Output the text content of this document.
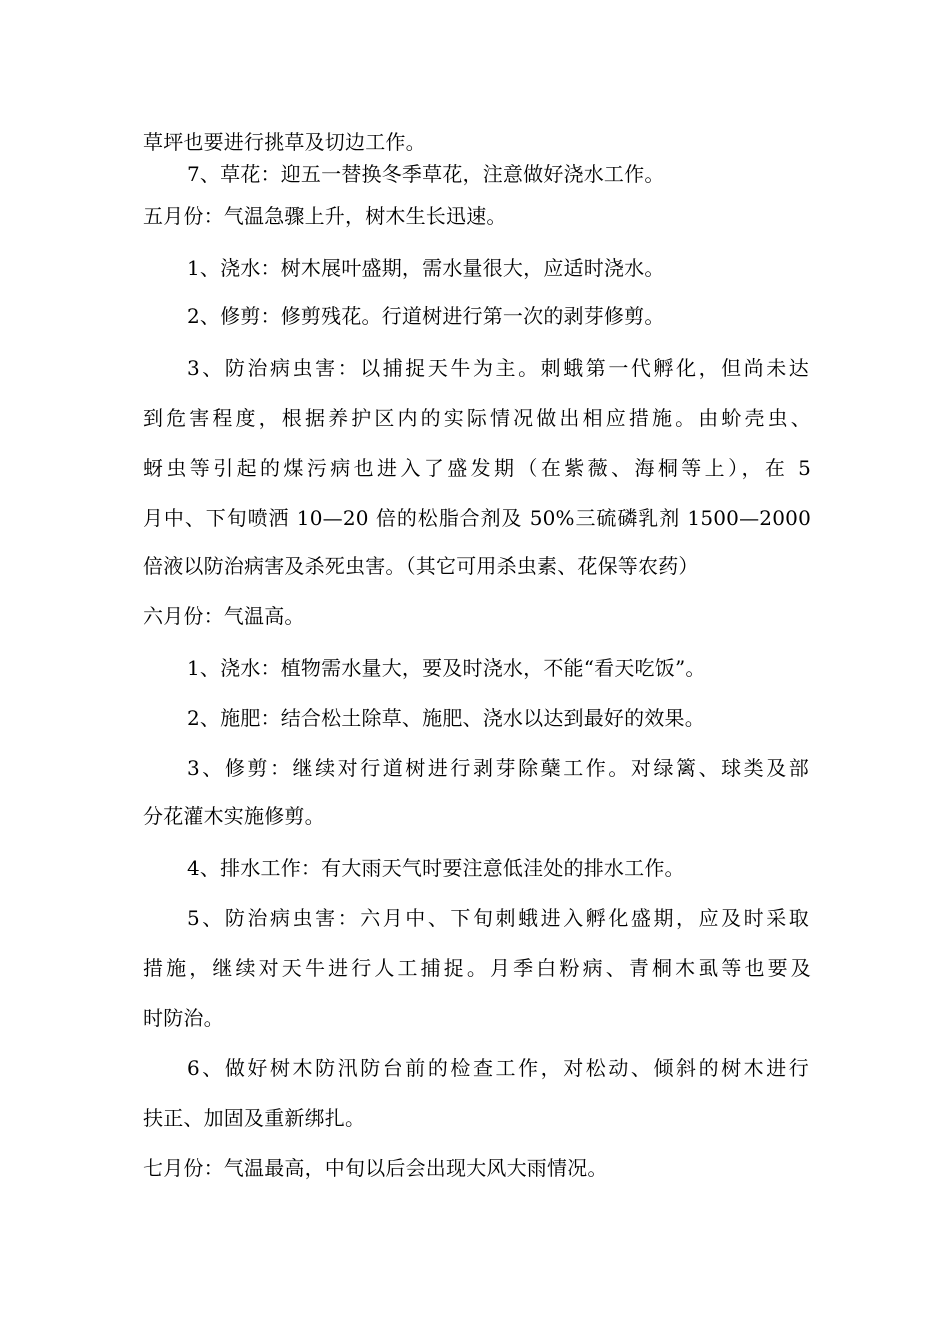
草坪也要进行挑草及切边工作。
7、草花：迎五一替换冬季草花，注意做好浇水工作。
五月份：气温急骤上升，树木生长迅速。
1、浇水：树木展叶盛期，需水量很大，应适时浇水。
2、修剪：修剪残花。行道树进行第一次的剥芽修剪。
3、防治病虫害：以捕捉天牛为主。刺蛾第一代孵化，但尚未达
到危害程度，根据养护区内的实际情况做出相应措施。由蚧壳虫、
蚜虫等引起的煤污病也进入了盛发期（在紫薇、海桐等上），在 5
月中、下旬喷洒 10—20 倍的松脂合剂及 50%三硫磷乳剂 1500—2000
倍液以防治病害及杀死虫害。（其它可用杀虫素、花保等农药）
六月份：气温高。
1、浇水：植物需水量大，要及时浇水，不能“看天吃饭”。
2、施肥：结合松土除草、施肥、浇水以达到最好的效果。
3、修剪：继续对行道树进行剥芽除蘖工作。对绿篱、球类及部
分花灌木实施修剪。
4、排水工作：有大雨天气时要注意低洼处的排水工作。
5、防治病虫害：六月中、下旬刺蛾进入孵化盛期，应及时采取
措施，继续对天牛进行人工捕捉。月季白粉病、青桐木虱等也要及
时防治。
6、做好树木防汛防台前的检查工作，对松动、倾斜的树木进行
扶正、加固及重新绑扎。
七月份：气温最高，中旬以后会出现大风大雨情况。
